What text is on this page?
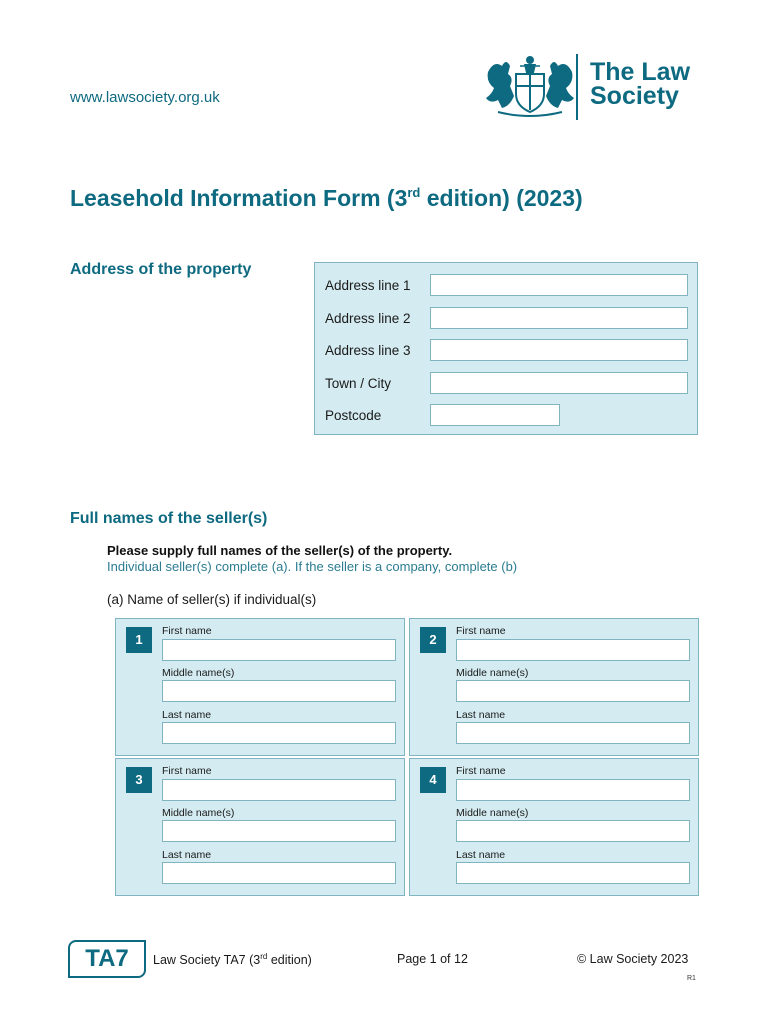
www.lawsociety.org.uk
The Law
Society
Leasehold Information Form (3rd edition) (2023)
Address of the property
Address line 1
Address line 2
Address line 3
Town / City
Postcode
Full names of the seller(s)
Please supply full names of the seller(s) of the property.
Individual seller(s) complete (a). If the seller is a company, complete (b)
(a) Name of seller(s) if individual(s)
1
First name
Middle name(s)
Last name
2
First name
Middle name(s)
Last name
3
First name
Middle name(s)
Last name
4
First name
Middle name(s)
Last name
TA7	Law Society TA7 (3rd edition)	Page 1 of 12	© Law Society 2023
R1
